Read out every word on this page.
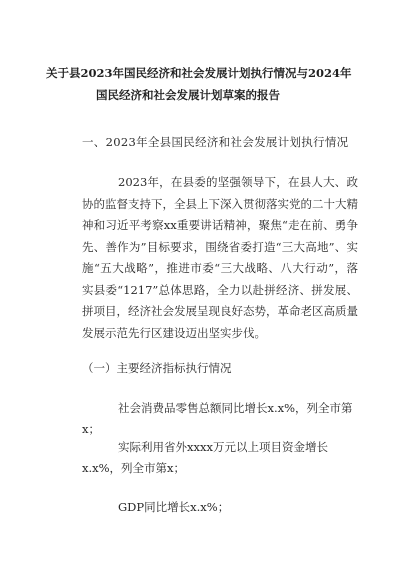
关于县2023年国民经济和社会发展计划执行情况与2024年
国民经济和社会发展计划草案的报告
一、2023年全县国民经济和社会发展计划执行情况
2023年，在县委的坚强领导下，在县人大、政协的监督支持下，全县上下深入贯彻落实党的二十大精神和习近平考察xx重要讲话精神，聚焦“走在前、勇争先、善作为”目标要求，围绕省委打造“三大高地”、实施“五大战略”，推进市委“三大战略、八大行动”，落实县委“1217”总体思路，全力以赴拼经济、拼发展、拼项目，经济社会发展呈现良好态势，革命老区高质量发展示范先行区建设迈出坚实步伐。
（一）主要经济指标执行情况
社会消费品零售总额同比增长x.x%，列全市第x；
实际利用省外xxxx万元以上项目资金增长x.x%，列全市第x；
GDP同比增长x.x%；
